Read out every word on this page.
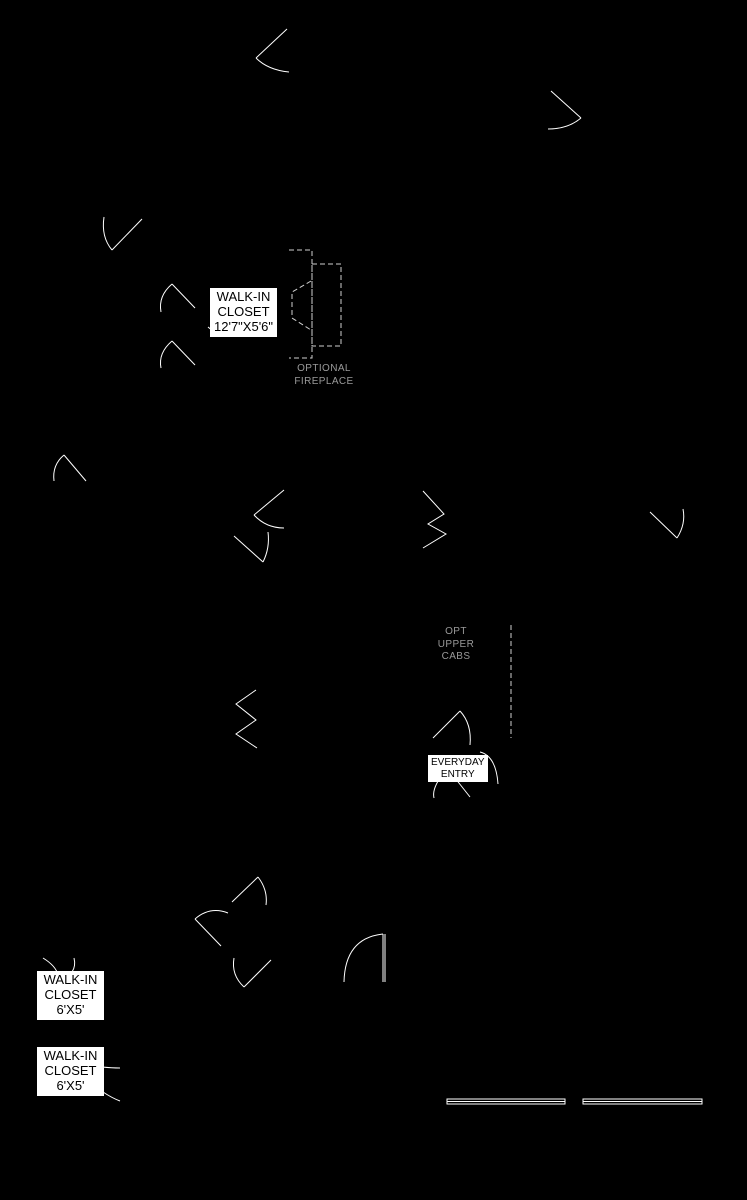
WALK-IN
CLOSET
12'7"X5'6"
OPTIONAL
FIREPLACE
OPT
UPPER
CABS
EVERYDAY
ENTRY
WALK-IN
CLOSET
6'X5'
WALK-IN
CLOSET
6'X5'
